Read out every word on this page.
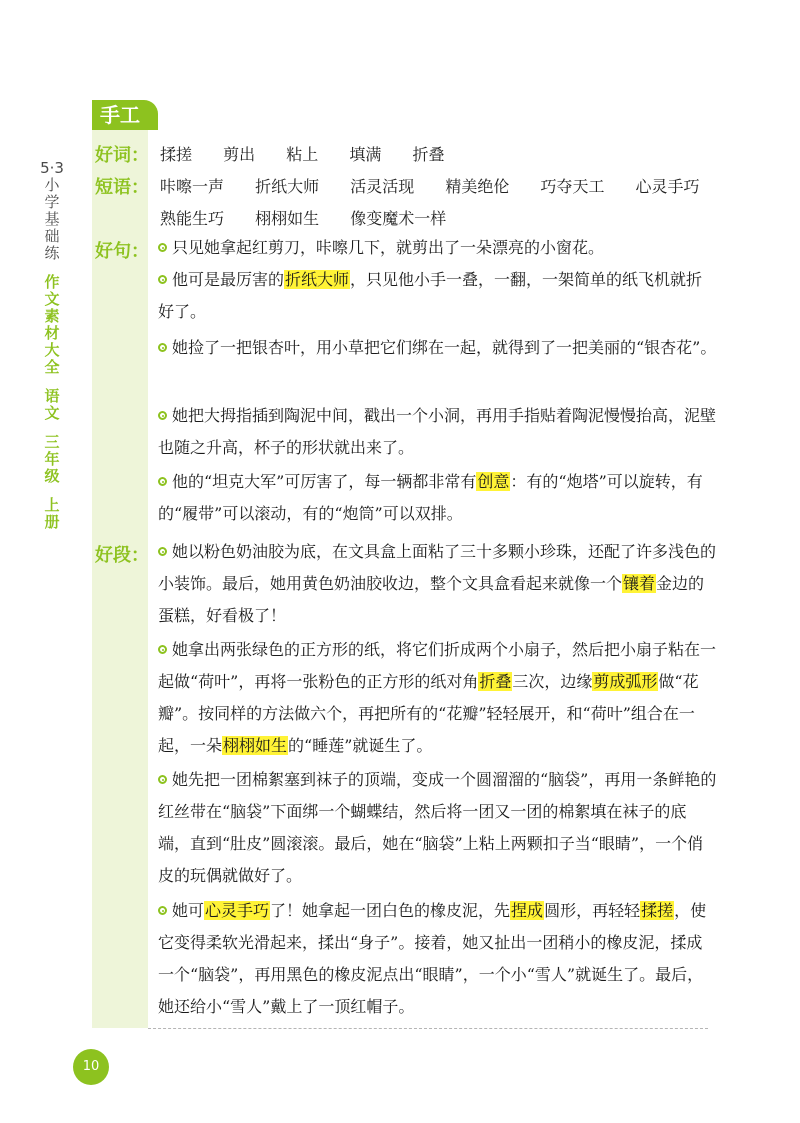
5·3
小学基础练
作文素材大全
语文
三年级
上册
手工
好词： 揉搓 剪出 粘上 填满 折叠
短语： 咔嚓一声 折纸大师 活灵活现 精美绝伦 巧夺天工 心灵手巧
熟能生巧 栩栩如生 像变魔术一样
好句：	只见她拿起红剪刀，咔嚓几下，就剪出了一朵漂亮的小窗花。
他可是最厉害的折纸大师，只见他小手一叠，一翻，一架简单的纸飞机就折好了。
她捡了一把银杏叶，用小草把它们绑在一起，就得到了一把美丽的“银杏花”。
她把大拇指插到陶泥中间，戳出一个小洞，再用手指贴着陶泥慢慢抬高，泥壁也随之升高，杯子的形状就出来了。
他的“坦克大军”可厉害了，每一辆都非常有创意：有的“炮塔”可以旋转，有的“履带”可以滚动，有的“炮筒”可以双排。
好段：	她以粉色奶油胶为底，在文具盒上面粘了三十多颗小珍珠，还配了许多浅色的小装饰。最后，她用黄色奶油胶收边，整个文具盒看起来就像一个镶着金边的蛋糕，好看极了！
她拿出两张绿色的正方形的纸，将它们折成两个小扇子，然后把小扇子粘在一起做“荷叶”，再将一张粉色的正方形的纸对角折叠三次，边缘剪成弧形做“花瓣”。按同样的方法做六个，再把所有的“花瓣”轻轻展开，和“荷叶”组合在一起，一朵栩栩如生的“睡莲”就诞生了。
她先把一团棉絮塞到袜子的顶端，变成一个圆溜溜的“脑袋”，再用一条鲜艳的红丝带在“脑袋”下面绑一个蝴蝶结，然后将一团又一团的棉絮填在袜子的底端，直到“肚皮”圆滚滚。最后，她在“脑袋”上粘上两颗扣子当“眼睛”，一个俏皮的玩偶就做好了。
她可心灵手巧了！她拿起一团白色的橡皮泥，先捏成圆形，再轻轻揉搓，使它变得柔软光滑起来，揉出“身子”。接着，她又扯出一团稍小的橡皮泥，揉成一个“脑袋”，再用黑色的橡皮泥点出“眼睛”，一个小“雪人”就诞生了。最后，她还给小“雪人”戴上了一顶红帽子。
10
